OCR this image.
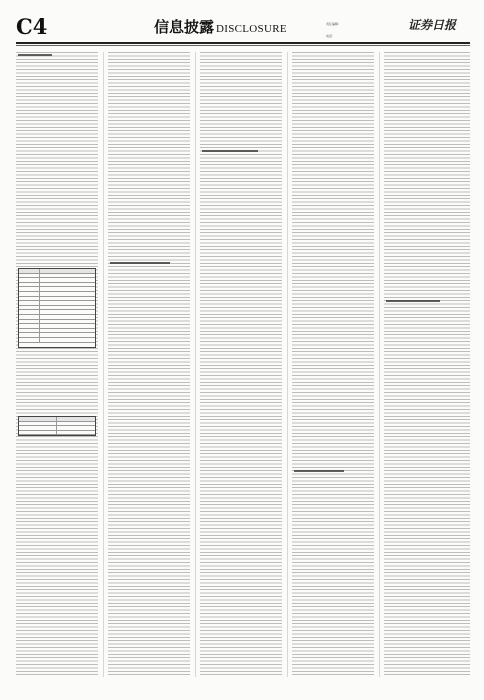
C4	信息披露 DISCLOSURE	责任编辑：	证券日报
电话：
